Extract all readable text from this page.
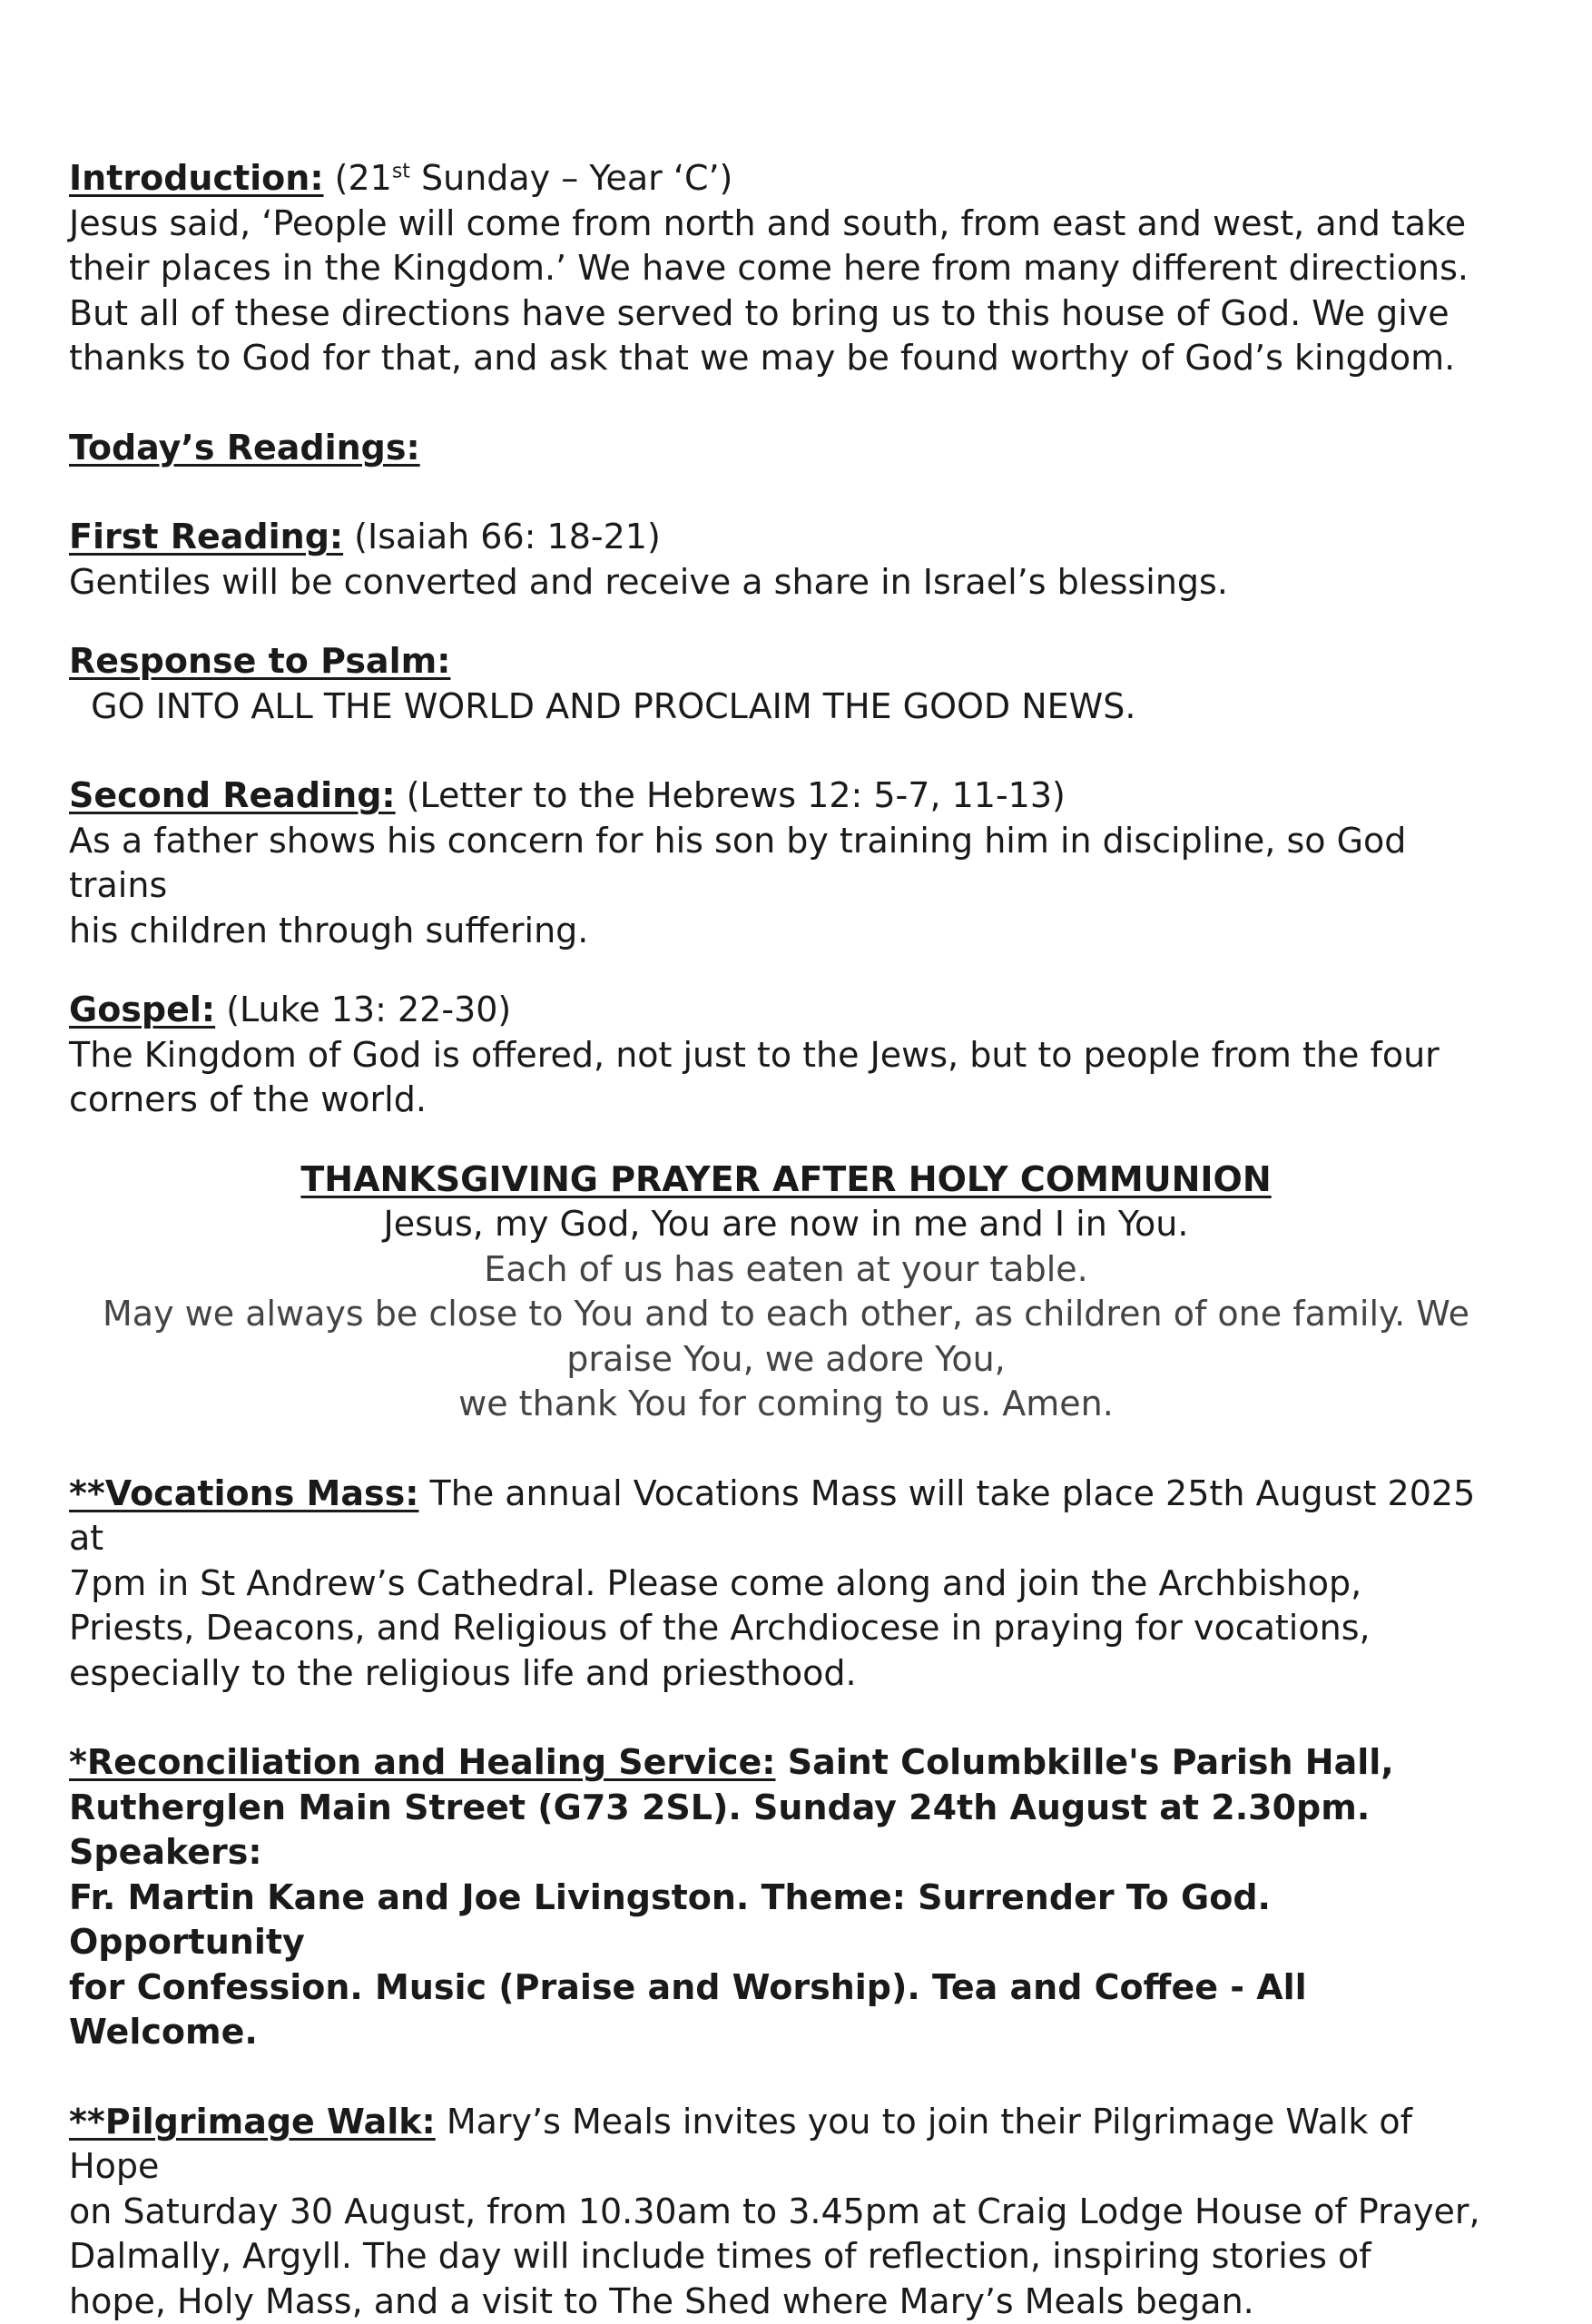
Introduction: (21st Sunday – Year ‘C’)

Jesus said, ‘People will come from north and south, from east and west, and take

their places in the Kingdom.’ We have come here from many different directions.

But all of these directions have served to bring us to this house of God. We give

thanks to God for that, and ask that we may be found worthy of God’s kingdom.

Today’s Readings:

First Reading: (Isaiah 66: 18-21)

Gentiles will be converted and receive a share in Israel’s blessings.

Response to Psalm:  GO INTO ALL THE WORLD AND PROCLAIM THE GOOD NEWS.

Second Reading: (Letter to the Hebrews 12: 5-7, 11-13)

As a father shows his concern for his son by training him in discipline, so God trains

his children through suffering.

Gospel: (Luke 13: 22-30)

The Kingdom of God is offered, not just to the Jews, but to people from the four

corners of the world.

THANKSGIVING PRAYER AFTER HOLY COMMUNION

Jesus, my God, You are now in me and I in You.

Each of us has eaten at your table.

May we always be close to You and to each other, as children of one family. We

praise You, we adore You,

we thank You for coming to us. Amen.

**Vocations Mass: The annual Vocations Mass will take place 25th August 2025 at

7pm in St Andrew’s Cathedral. Please come along and join the Archbishop,

Priests, Deacons, and Religious of the Archdiocese in praying for vocations,

especially to the religious life and priesthood.

*Reconciliation and Healing Service: Saint Columbkille's Parish Hall,

Rutherglen Main Street (G73 2SL). Sunday 24th August at 2.30pm. Speakers:

Fr. Martin Kane and Joe Livingston. Theme: Surrender To God. Opportunity

for Confession. Music (Praise and Worship). Tea and Coffee - All Welcome.

**Pilgrimage Walk: Mary’s Meals invites you to join their Pilgrimage Walk of Hope

on Saturday 30 August, from 10.30am to 3.45pm at Craig Lodge House of Prayer,

Dalmally, Argyll. The day will include times of reflection, inspiring stories of

hope, Holy Mass, and a visit to The Shed where Mary’s Meals began.
